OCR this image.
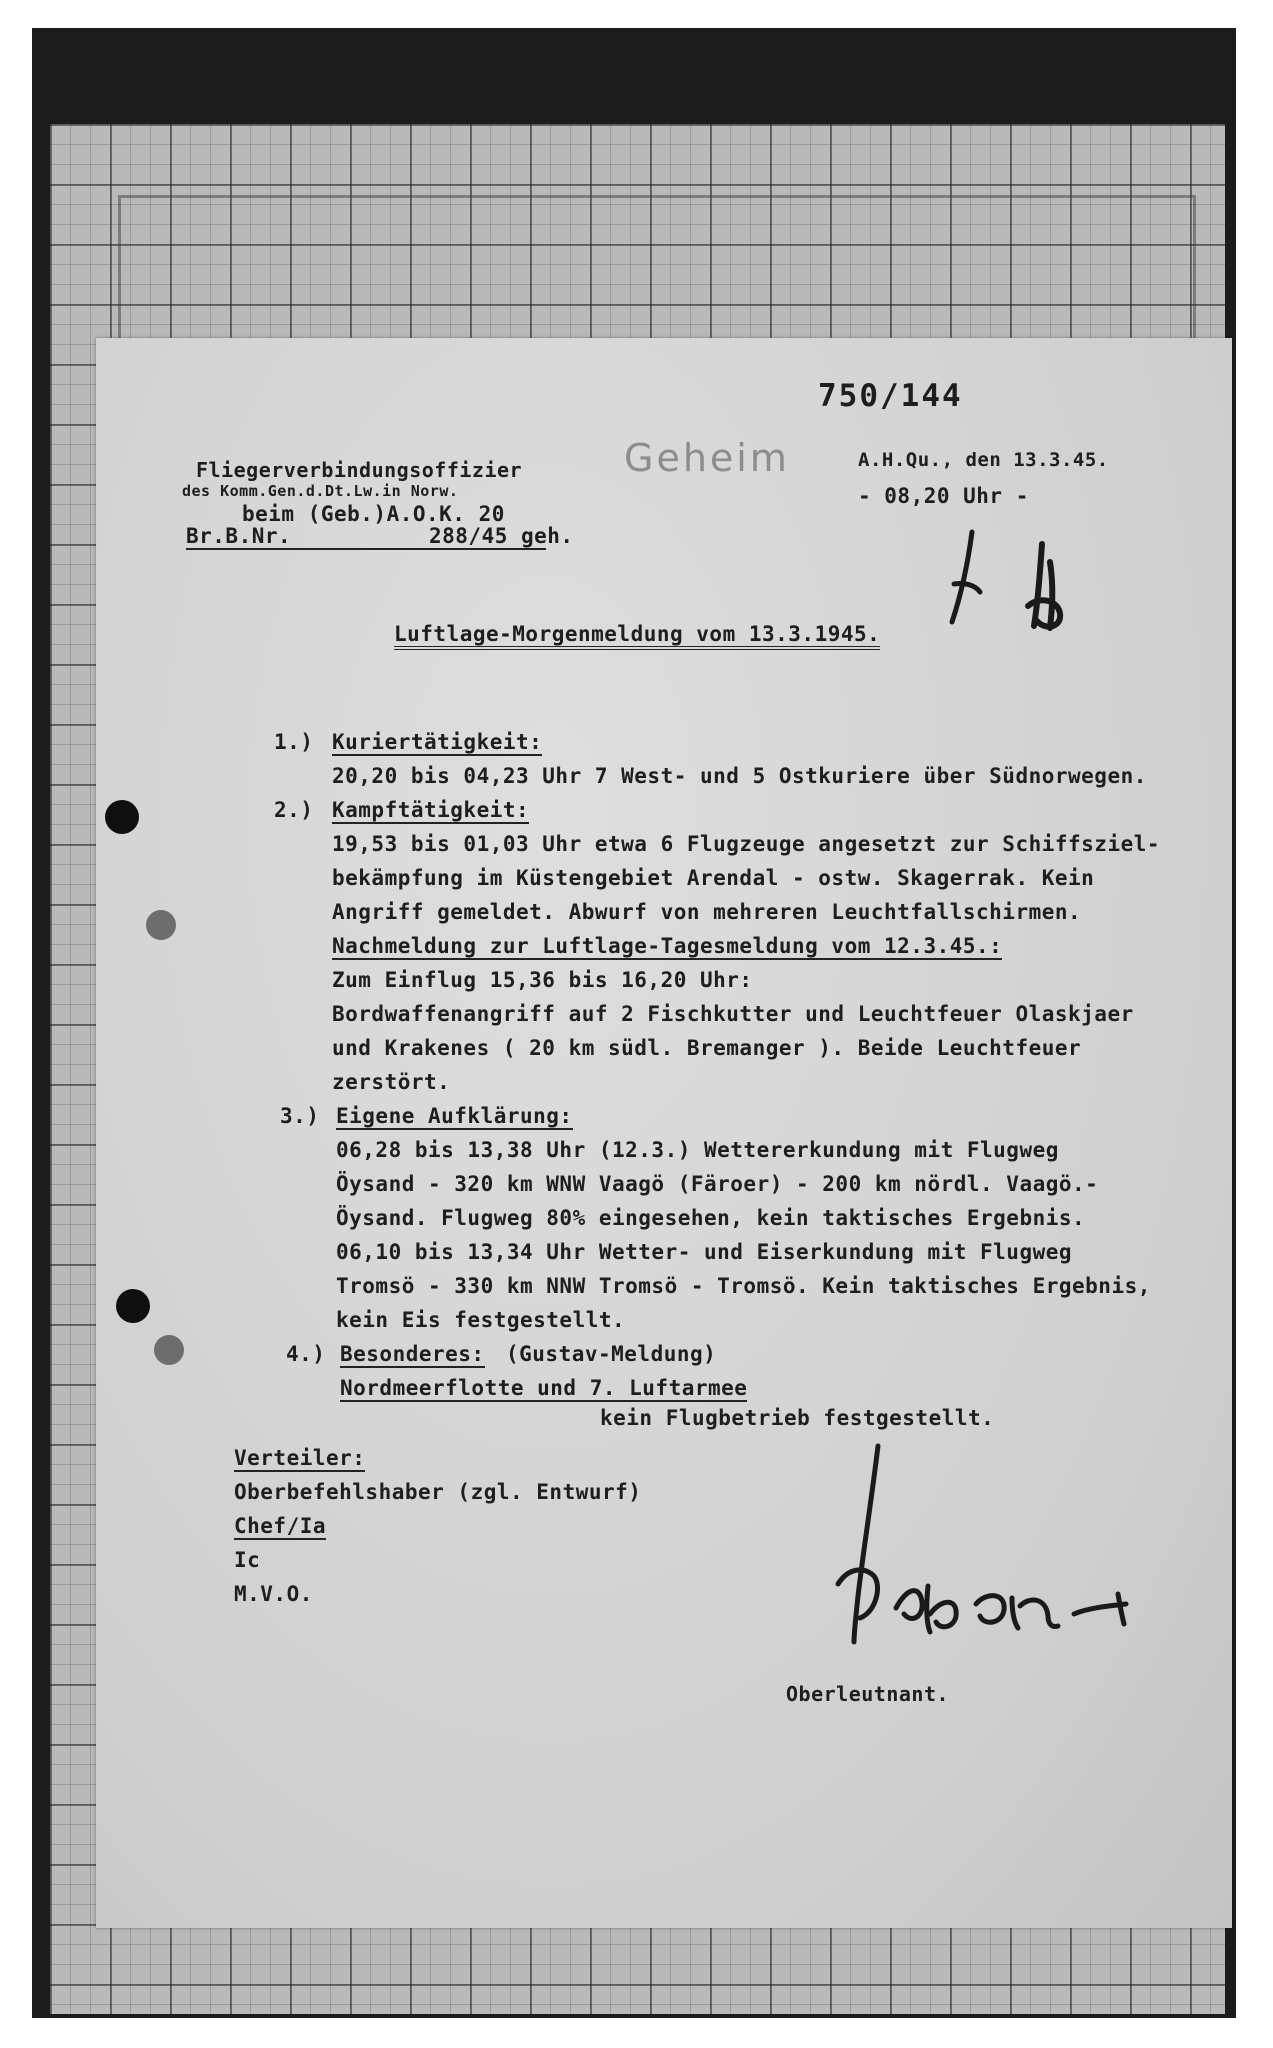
750/144
Fliegerverbindungsoffizier
des Komm.Gen.d.Dt.Lw.in Norw.
beim (Geb.)A.O.K. 20
Br.B.Nr.	288/45 geh.
Geheim	A.H.Qu., den 13.3.45.
- 08,20 Uhr -
Luftlage-Morgenmeldung vom 13.3.1945.
1.) Kuriertätigkeit:
20,20 bis 04,23 Uhr 7 West- und 5 Ostkuriere über Südnorwegen.
2.) Kampftätigkeit:
19,53 bis 01,03 Uhr etwa 6 Flugzeuge angesetzt zur Schiffsziel-
bekämpfung im Küstengebiet Arendal - ostw. Skagerrak. Kein
Angriff gemeldet. Abwurf von mehreren Leuchtfallschirmen.
Nachmeldung zur Luftlage-Tagesmeldung vom 12.3.45.:
Zum Einflug 15,36 bis 16,20 Uhr:
Bordwaffenangriff auf 2 Fischkutter und Leuchtfeuer Olaskjaer
und Krakenes ( 20 km südl. Bremanger ). Beide Leuchtfeuer
zerstört.
3.) Eigene Aufklärung:
06,28 bis 13,38 Uhr (12.3.) Wettererkundung mit Flugweg
Öysand - 320 km WNW Vaagö (Färoer) - 200 km nördl. Vaagö.-
Öysand. Flugweg 80% eingesehen, kein taktisches Ergebnis.
06,10 bis 13,34 Uhr Wetter- und Eiserkundung mit Flugweg
Tromsö - 330 km NNW Tromsö - Tromsö. Kein taktisches Ergebnis,
kein Eis festgestellt.
4.) Besonderes: (Gustav-Meldung)
Nordmeerflotte und 7. Luftarmee
kein Flugbetrieb festgestellt.
Verteiler:
Oberbefehlshaber (zgl. Entwurf)
Chef/Ia
Ic
M.V.O.
Oberleutnant.
